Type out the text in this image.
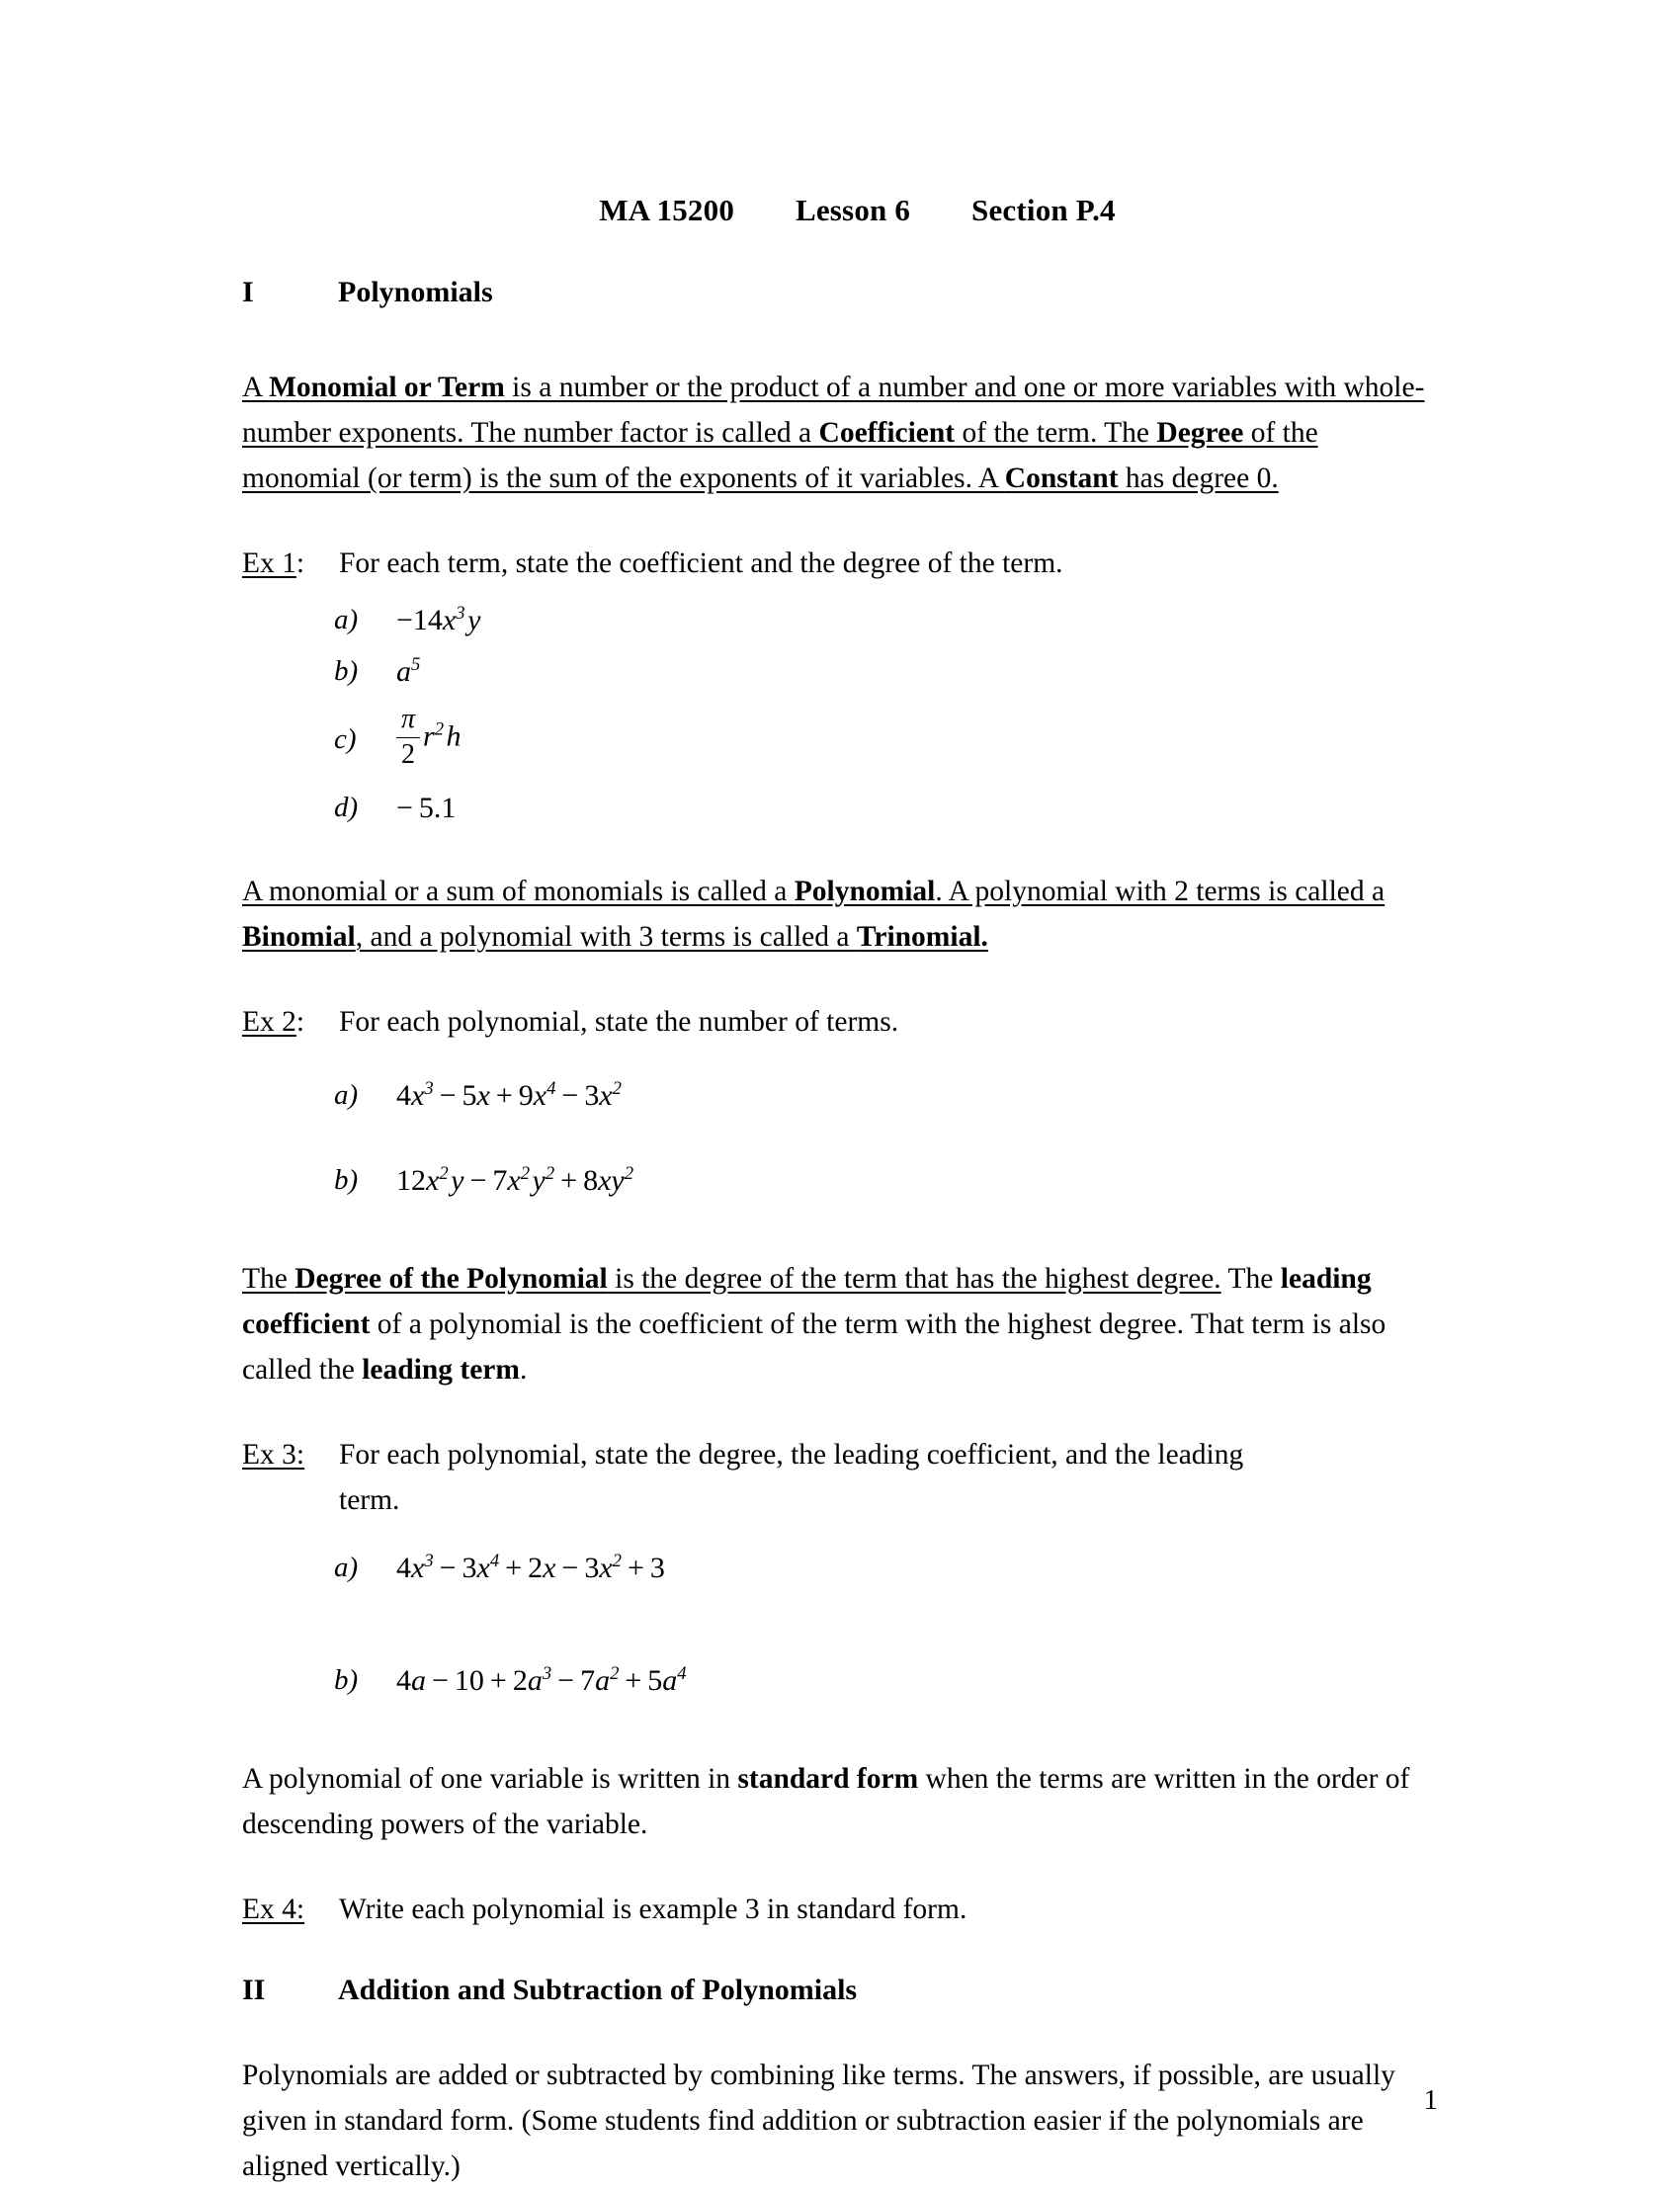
MA 15200 Lesson 6 Section P.4
I	Polynomials

A Monomial or Term is a number or the product of a number and one or more variables with whole-number exponents. The number factor is called a Coefficient of the term. The Degree of the monomial (or term) is the sum of the exponents of it variables. A Constant has degree 0.

Ex 1:	For each term, state the coefficient and the degree of the term.
a)	$-14x^3$ y
b)	$a^5$
c)	$\frac{\pi}{2} r^2$ h
d)	− 5.1

A monomial or a sum of monomials is called a Polynomial. A polynomial with 2 terms is called a Binomial, and a polynomial with 3 terms is called a Trinomial.

Ex 2:	For each polynomial, state the number of terms.
a)	$4x^3 - 5x + 9x^4 - 3x^2$
b)	$12x^2$ $y - 7x^2$ $y^2 + 8xy^2$

The Degree of the Polynomial is the degree of the term that has the highest degree. The leading coefficient of a polynomial is the coefficient of the term with the highest degree. That term is also called the leading term.

Ex 3:	For each polynomial, state the degree, the leading coefficient, and the leading
term.
a)	$4x^3 - 3x^4 + 2x - 3x^2 + 3$
b)	$4a - 10 + 2a^3 - 7a^2 + 5a^4$

A polynomial of one variable is written in standard form when the terms are written in the order of descending powers of the variable.

Ex 4:	Write each polynomial is example 3 in standard form.
II	Addition and Subtraction of Polynomials

Polynomials are added or subtracted by combining like terms. The answers, if possible, are usually given in standard form. (Some students find addition or subtraction easier if the polynomials are aligned vertically.)

1
